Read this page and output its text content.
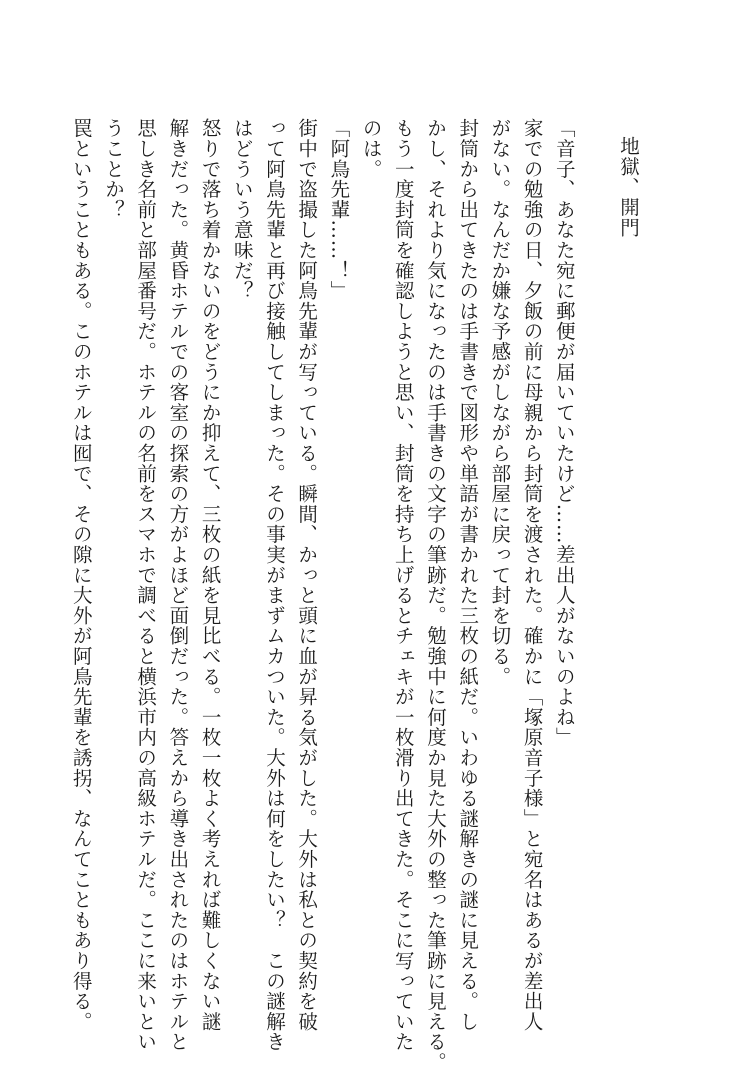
地獄、開門

「音子、あなた宛に郵便が届いていたけど……差出人がないのよね」

家での勉強の日、夕飯の前に母親から封筒を渡された。確かに「塚原音子様」と宛名はあるが差出人

がない。なんだか嫌な予感がしながら部屋に戻って封を切る。

封筒から出てきたのは手書きで図形や単語が書かれた三枚の紙だ。いわゆる謎解きの謎に見える。し

かし、それより気になったのは手書きの文字の筆跡だ。勉強中に何度か見た大外の整った筆跡に見える。

もう一度封筒を確認しようと思い、封筒を持ち上げるとチェキが一枚滑り出てきた。そこに写っていた

のは。

「阿鳥先輩……！」

街中で盗撮した阿鳥先輩が写っている。瞬間、かっと頭に血が昇る気がした。大外は私との契約を破

って阿鳥先輩と再び接触してしまった。その事実がまずムカついた。大外は何をしたい？　この謎解き

はどういう意味だ？

怒りで落ち着かないのをどうにか抑えて、三枚の紙を見比べる。一枚一枚よく考えれば難しくない謎

解きだった。黄昏ホテルでの客室の探索の方がよほど面倒だった。答えから導き出されたのはホテルと

思しき名前と部屋番号だ。ホテルの名前をスマホで調べると横浜市内の高級ホテルだ。ここに来いとい

うことか？

罠ということもある。このホテルは囮で、その隙に大外が阿鳥先輩を誘拐、なんてこともあり得る。
